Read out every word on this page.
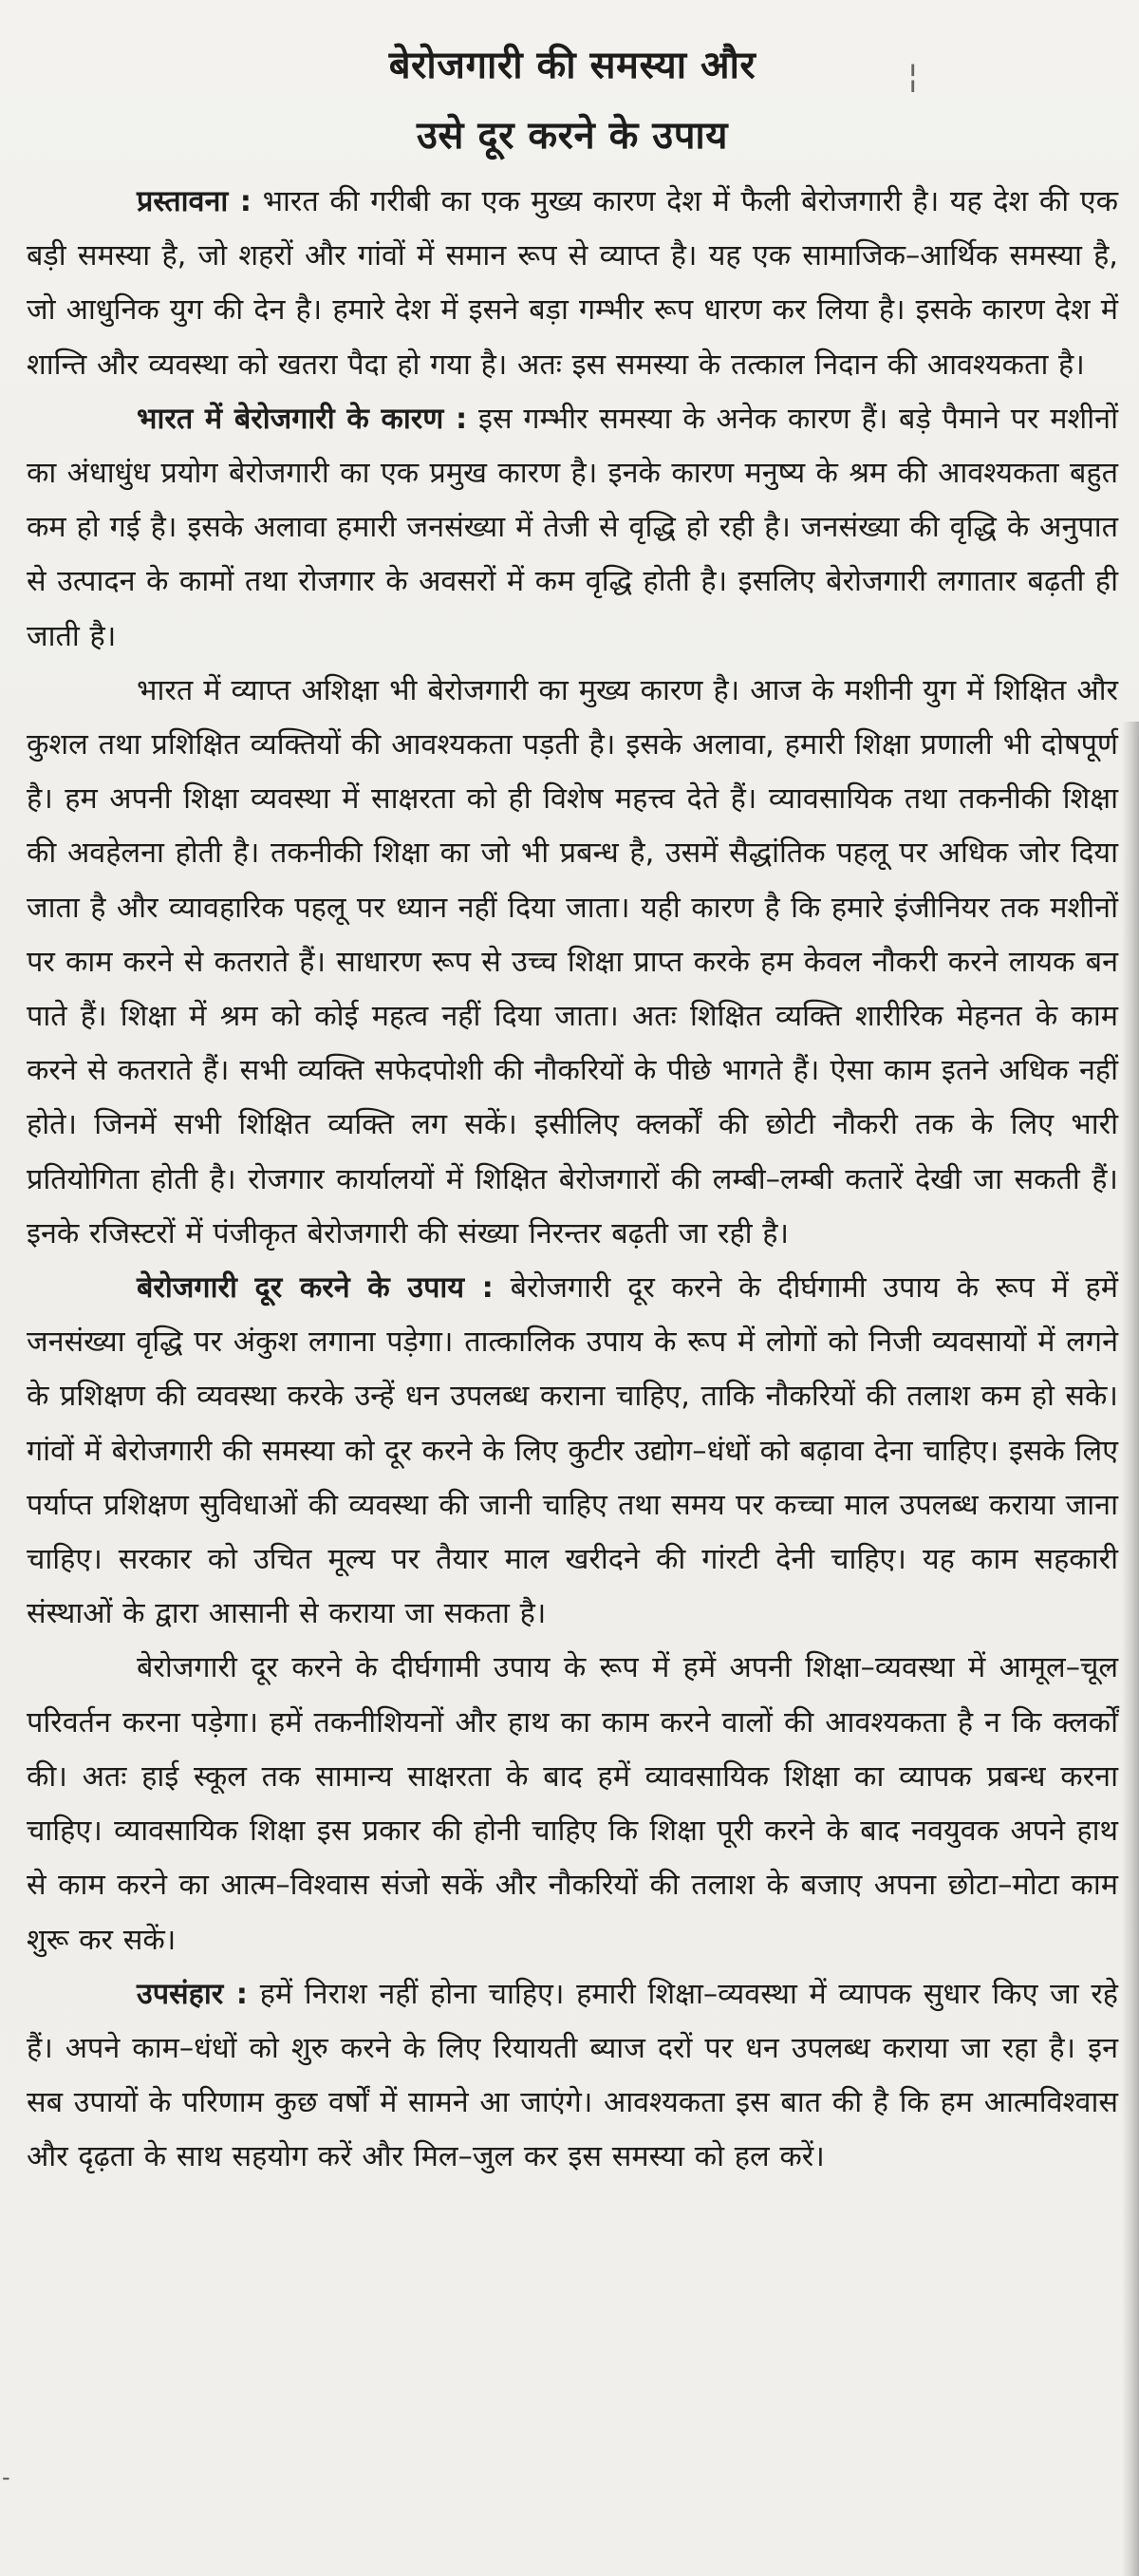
¦
-
बेरोजगारी की समस्या और
उसे दूर करने के उपाय

प्रस्तावना : भारत की गरीबी का एक मुख्य कारण देश में फैली बेरोजगारी है। यह देश की एक बड़ी समस्या है, जो शहरों और गांवों में समान रूप से व्याप्त है। यह एक सामाजिक–आर्थिक समस्या है, जो आधुनिक युग की देन है। हमारे देश में इसने बड़ा गम्भीर रूप धारण कर लिया है। इसके कारण देश में शान्ति और व्यवस्था को खतरा पैदा हो गया है। अतः इस समस्या के तत्काल निदान की आवश्यकता है।

भारत में बेरोजगारी के कारण : इस गम्भीर समस्या के अनेक कारण हैं। बड़े पैमाने पर मशीनों का अंधाधुंध प्रयोग बेरोजगारी का एक प्रमुख कारण है। इनके कारण मनुष्य के श्रम की आवश्यकता बहुत कम हो गई है। इसके अलावा हमारी जनसंख्या में तेजी से वृद्धि हो रही है। जनसंख्या की वृद्धि के अनुपात से उत्पादन के कामों तथा रोजगार के अवसरों में कम वृद्धि होती है। इसलिए बेरोजगारी लगातार बढ़ती ही जाती है।

भारत में व्याप्त अशिक्षा भी बेरोजगारी का मुख्य कारण है। आज के मशीनी युग में शिक्षित और कुशल तथा प्रशिक्षित व्यक्तियों की आवश्यकता पड़ती है। इसके अलावा, हमारी शिक्षा प्रणाली भी दोषपूर्ण है। हम अपनी शिक्षा व्यवस्था में साक्षरता को ही विशेष महत्त्व देते हैं। व्यावसायिक तथा तकनीकी शिक्षा की अवहेलना होती है। तकनीकी शिक्षा का जो भी प्रबन्ध है, उसमें सैद्धांतिक पहलू पर अधिक जोर दिया जाता है और व्यावहारिक पहलू पर ध्यान नहीं दिया जाता। यही कारण है कि हमारे इंजीनियर तक मशीनों पर काम करने से कतराते हैं। साधारण रूप से उच्च शिक्षा प्राप्त करके हम केवल नौकरी करने लायक बन पाते हैं। शिक्षा में श्रम को कोई महत्व नहीं दिया जाता। अतः शिक्षित व्यक्ति शारीरिक मेहनत के काम करने से कतराते हैं। सभी व्यक्ति सफेदपोशी की नौकरियों के पीछे भागते हैं। ऐसा काम इतने अधिक नहीं होते। जिनमें सभी शिक्षित व्यक्ति लग सकें। इसीलिए क्लर्कों की छोटी नौकरी तक के लिए भारी प्रतियोगिता होती है। रोजगार कार्यालयों में शिक्षित बेरोजगारों की लम्बी–लम्बी कतारें देखी जा सकती हैं। इनके रजिस्टरों में पंजीकृत बेरोजगारी की संख्या निरन्तर बढ़ती जा रही है।

बेरोजगारी दूर करने के उपाय : बेरोजगारी दूर करने के दीर्घगामी उपाय के रूप में हमें जनसंख्या वृद्धि पर अंकुश लगाना पड़ेगा। तात्कालिक उपाय के रूप में लोगों को निजी व्यवसायों में लगने के प्रशिक्षण की व्यवस्था करके उन्हें धन उपलब्ध कराना चाहिए, ताकि नौकरियों की तलाश कम हो सके। गांवों में बेरोजगारी की समस्या को दूर करने के लिए कुटीर उद्योग–धंधों को बढ़ावा देना चाहिए। इसके लिए पर्याप्त प्रशिक्षण सुविधाओं की व्यवस्था की जानी चाहिए तथा समय पर कच्चा माल उपलब्ध कराया जाना चाहिए। सरकार को उचित मूल्य पर तैयार माल खरीदने की गांरटी देनी चाहिए। यह काम सहकारी संस्थाओं के द्वारा आसानी से कराया जा सकता है।

बेरोजगारी दूर करने के दीर्घगामी उपाय के रूप में हमें अपनी शिक्षा–व्यवस्था में आमूल–चूल परिवर्तन करना पड़ेगा। हमें तकनीशियनों और हाथ का काम करने वालों की आवश्यकता है न कि क्लर्कों की। अतः हाई स्कूल तक सामान्य साक्षरता के बाद हमें व्यावसायिक शिक्षा का व्यापक प्रबन्ध करना चाहिए। व्यावसायिक शिक्षा इस प्रकार की होनी चाहिए कि शिक्षा पूरी करने के बाद नवयुवक अपने हाथ से काम करने का आत्म–विश्वास संजो सकें और नौकरियों की तलाश के बजाए अपना छोटा–मोटा काम शुरू कर सकें।

उपसंहार : हमें निराश नहीं होना चाहिए। हमारी शिक्षा–व्यवस्था में व्यापक सुधार किए जा रहे हैं। अपने काम–धंधों को शुरु करने के लिए रियायती ब्याज दरों पर धन उपलब्ध कराया जा रहा है। इन सब उपायों के परिणाम कुछ वर्षों में सामने आ जाएंगे। आवश्यकता इस बात की है कि हम आत्मविश्वास और दृढ़ता के साथ सहयोग करें और मिल–जुल कर इस समस्या को हल करें।
